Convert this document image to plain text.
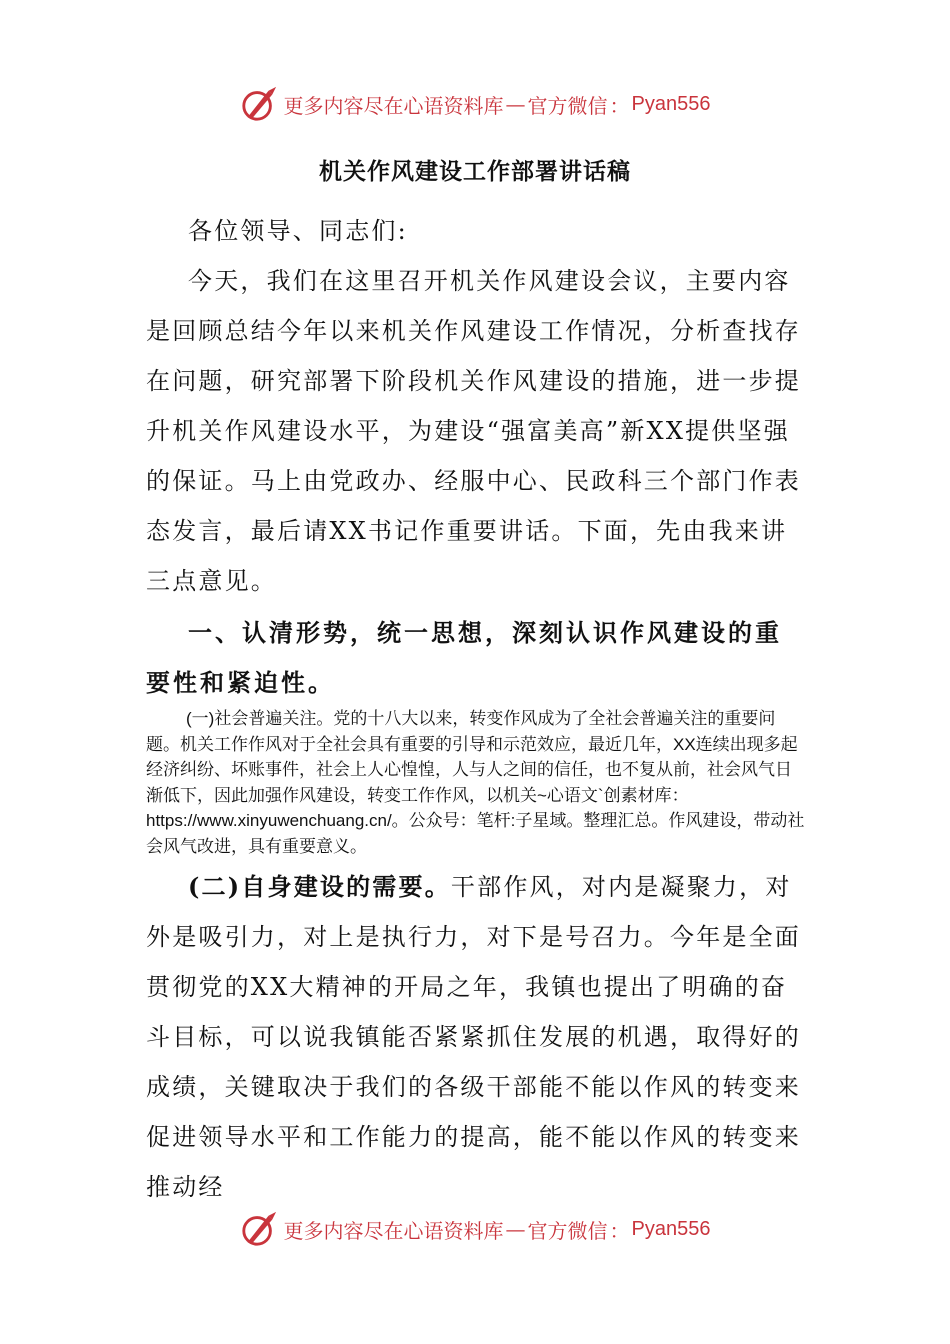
更多内容尽在心语资料库 — 官方微信 ： Pyan556
机关作风建设工作部署讲话稿
各位领导、同志们:
今天，我们在这里召开机关作风建设会议，主要内容是回顾总结今年以来机关作风建设工作情况，分析查找存在问题，研究部署下阶段机关作风建设的措施，进一步提升机关作风建设水平，为建设“强富美高”新XX提供坚强的保证。马上由党政办、经服中心、民政科三个部门作表态发言，最后请XX书记作重要讲话。下面，先由我来讲三点意见。
一、认清形势，统一思想，深刻认识作风建设的重要性和紧迫性。
(一)社会普遍关注。党的十八大以来，转变作风成为了全社会普遍关注的重要问题。机关工作作风对于全社会具有重要的引导和示范效应，最近几年，XX连续出现多起经济纠纷、坏账事件，社会上人心惶惶，人与人之间的信任，也不复从前，社会风气日渐低下，因此加强作风建设，转变工作作风，以机关~心语文`创素材库：https://www.xinyuwenchuang.cn/。公众号：笔杆:子星域。整理汇总。作风建设，带动社会风气改进，具有重要意义。
(二)自身建设的需要。干部作风，对内是凝聚力，对外是吸引力，对上是执行力，对下是号召力。今年是全面贯彻党的XX大精神的开局之年，我镇也提出了明确的奋斗目标，可以说我镇能否紧紧抓住发展的机遇，取得好的成绩，关键取决于我们的各级干部能不能以作风的转变来促进领导水平和工作能力的提高，能不能以作风的转变来推动经
更多内容尽在心语资料库 — 官方微信 ： Pyan556
